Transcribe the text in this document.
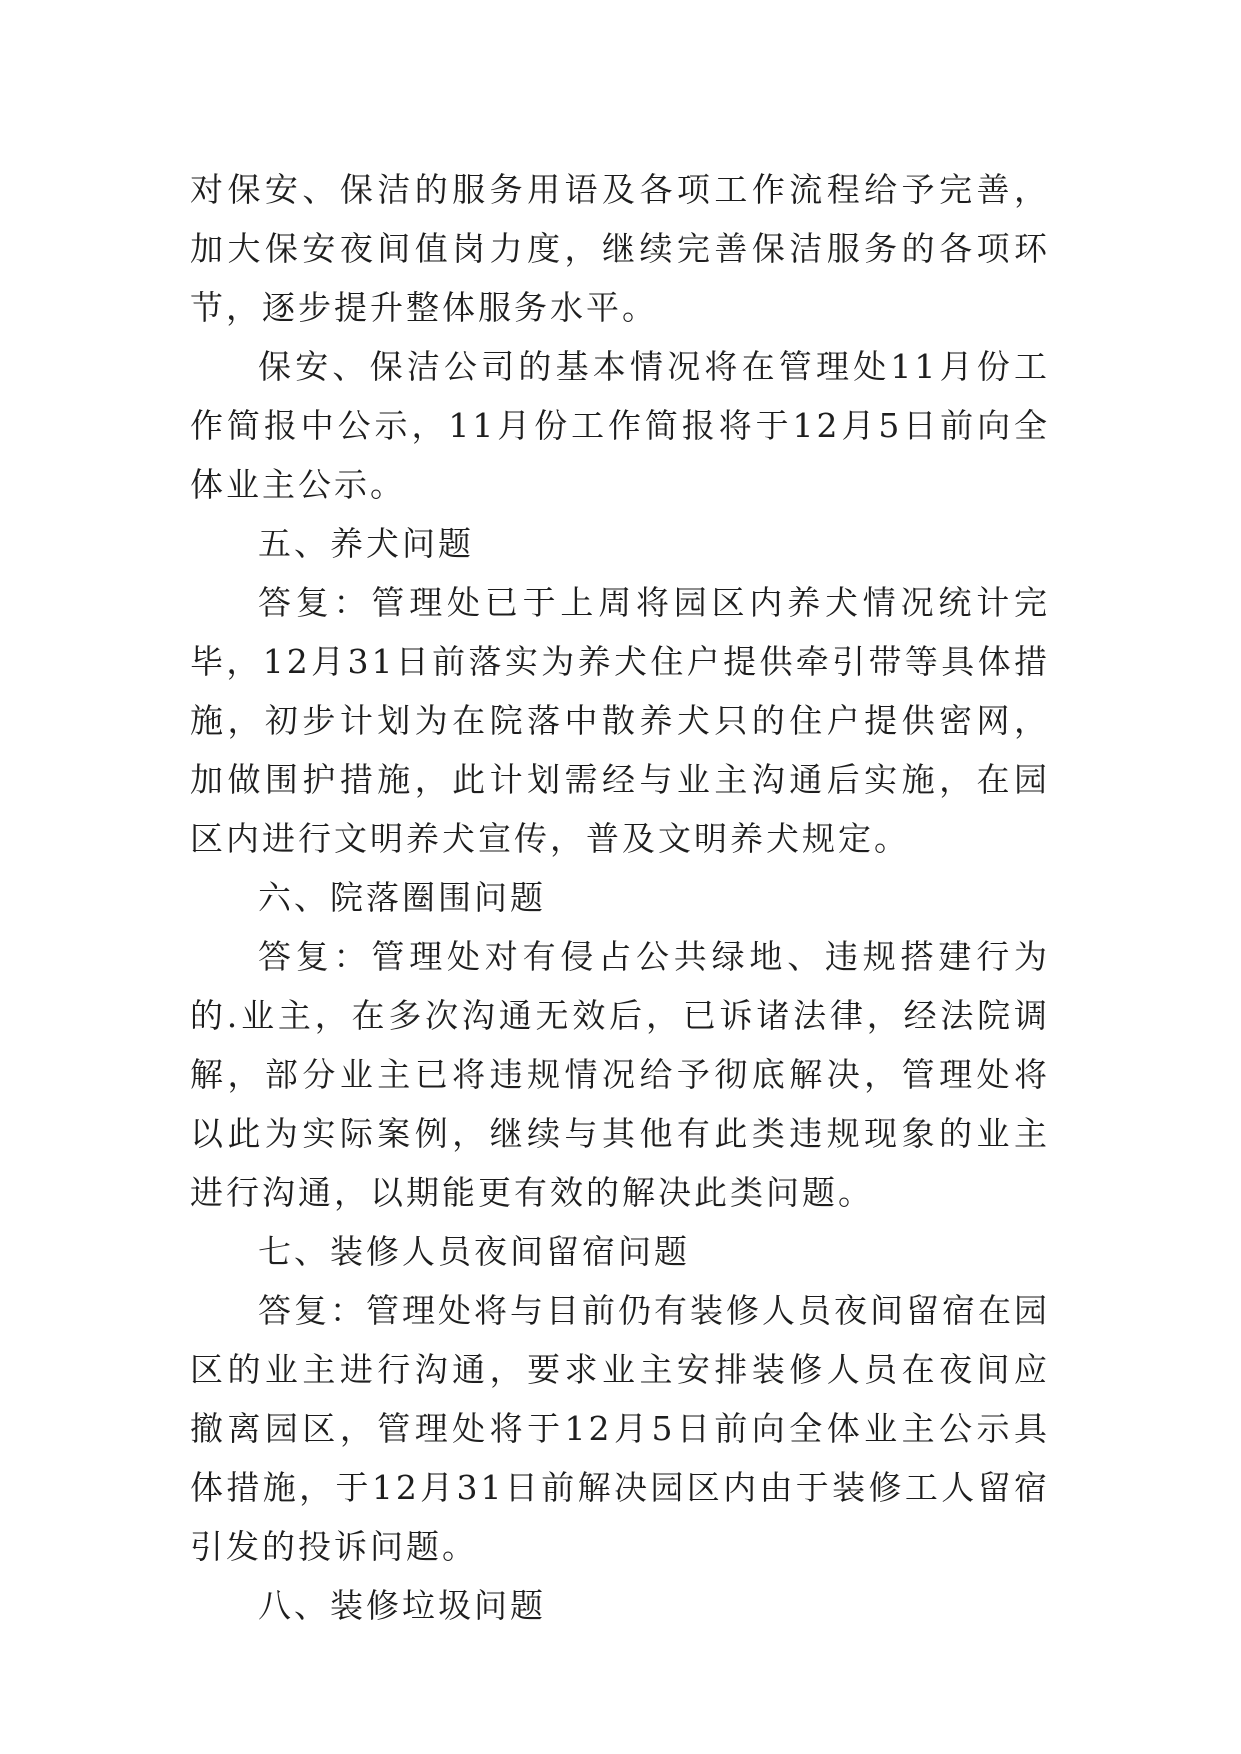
对保安、保洁的服务用语及各项工作流程给予完善，加大保安夜间值岗力度，继续完善保洁服务的各项环节，逐步提升整体服务水平。

保安、保洁公司的基本情况将在管理处11月份工作简报中公示，11月份工作简报将于12月5日前向全体业主公示。

五、养犬问题

答复：管理处已于上周将园区内养犬情况统计完毕，12月31日前落实为养犬住户提供牵引带等具体措施，初步计划为在院落中散养犬只的住户提供密网，加做围护措施，此计划需经与业主沟通后实施，在园区内进行文明养犬宣传，普及文明养犬规定。

六、院落圈围问题

答复：管理处对有侵占公共绿地、违规搭建行为的.业主，在多次沟通无效后，已诉诸法律，经法院调解，部分业主已将违规情况给予彻底解决，管理处将以此为实际案例，继续与其他有此类违规现象的业主进行沟通，以期能更有效的解决此类问题。

七、装修人员夜间留宿问题

答复：管理处将与目前仍有装修人员夜间留宿在园区的业主进行沟通，要求业主安排装修人员在夜间应撤离园区，管理处将于12月5日前向全体业主公示具体措施，于12月31日前解决园区内由于装修工人留宿引发的投诉问题。

八、装修垃圾问题
